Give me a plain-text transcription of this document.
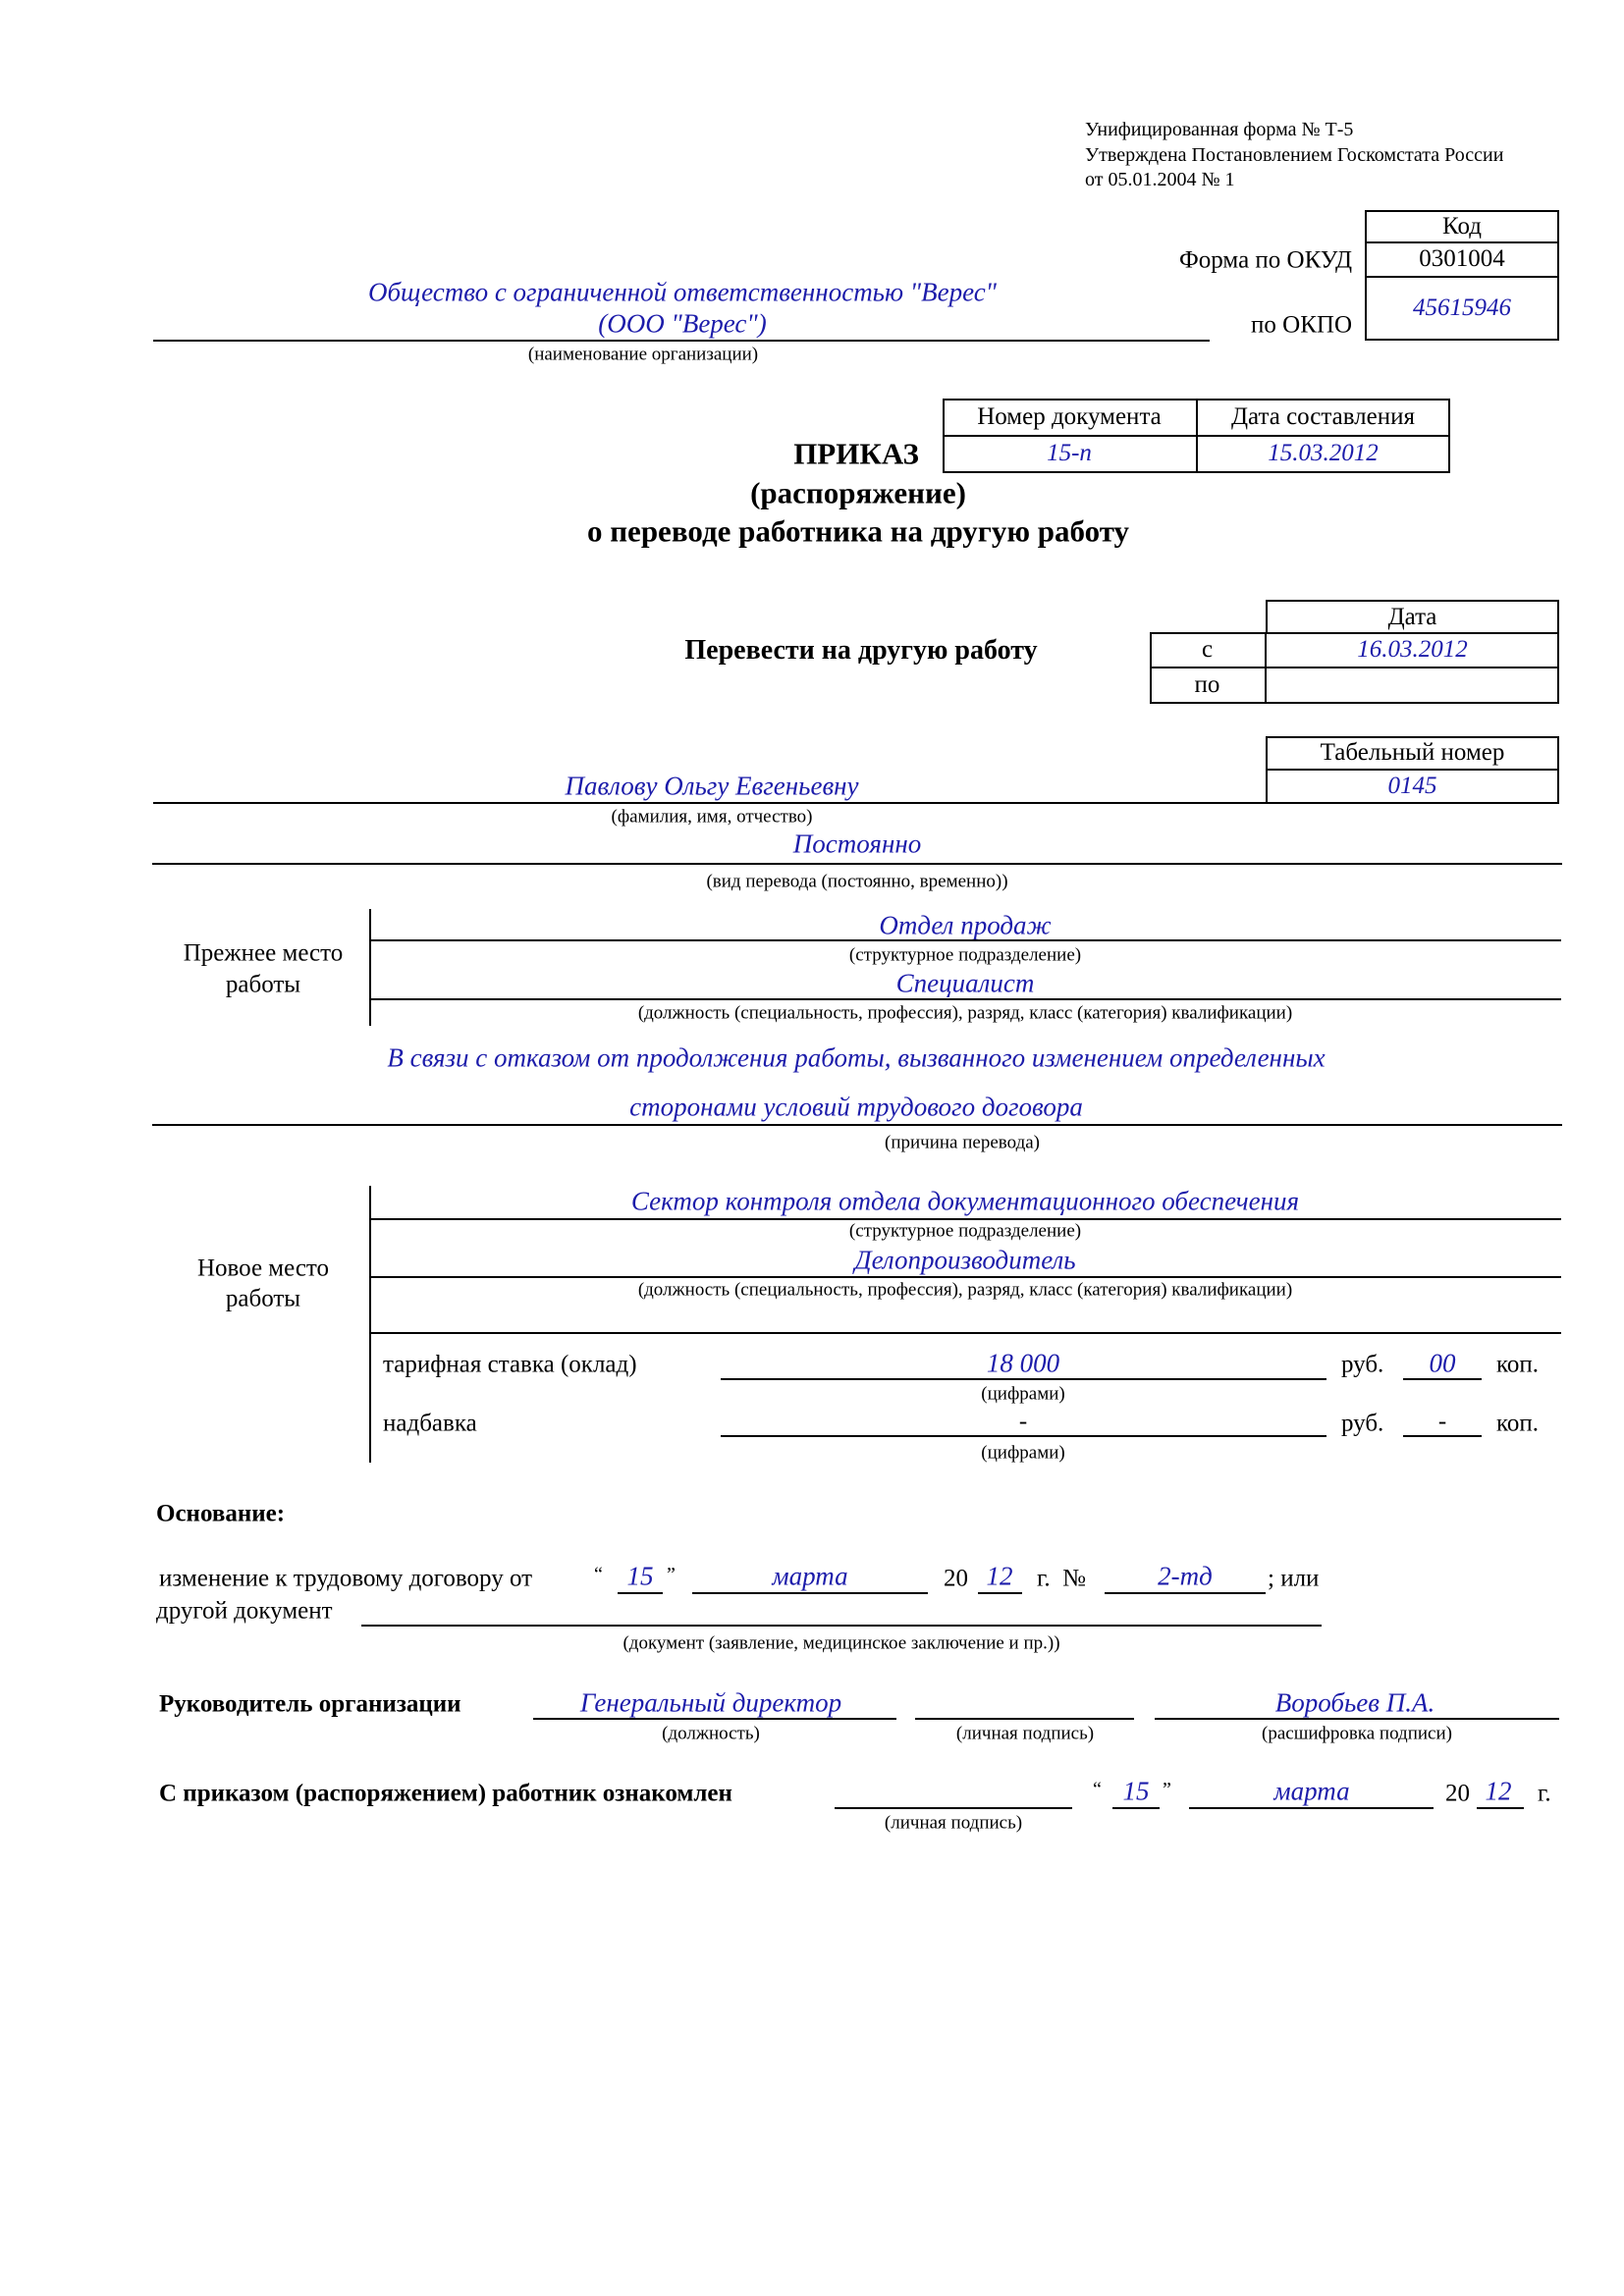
Унифицированная форма № Т-5
Утверждена Постановлением Госкомстата России
от 05.01.2004 № 1
Код
0301004
45615946
Форма по ОКУД
по ОКПО
Общество с ограниченной ответственностью "Верес"
(ООО "Верес")
(наименование организации)
Номер документа	Дата составления
15-п	15.03.2012
ПРИКАЗ
(распоряжение)
о переводе работника на другую работу
Перевести на другую работу
Дата
с	16.03.2012
по
Табельный номер
0145
Павлову Ольгу Евгеньевну
(фамилия, имя, отчество)
Постоянно
(вид перевода (постоянно, временно))
Прежнее место
работы
Отдел продаж
(структурное подразделение)
Специалист
(должность (специальность, профессия), разряд, класс (категория) квалификации)
В связи с отказом от продолжения работы, вызванного изменением определенных
сторонами условий трудового договора
(причина перевода)
Новое место
работы
Сектор контроля отдела документационного обеспечения
(структурное подразделение)
Делопроизводитель
(должность (специальность, профессия), разряд, класс (категория) квалификации)
тарифная ставка (оклад)	18 000
(цифрами)
руб. 00 коп.
надбавка	-
(цифрами)
руб. - коп.
Основание:
изменение к трудовому договору от	“ 15 ”	марта	20 12 г.  №	2-тд ; или
другой документ
(документ (заявление, медицинское заключение и пр.))
Руководитель организации	Генеральный директор
(должность)	(личная подпись)
Воробьев П.А.
(расшифровка подписи)
С приказом (распоряжением) работник ознакомлен
(личная подпись)
“ 15 ”	марта	20 12 г.
